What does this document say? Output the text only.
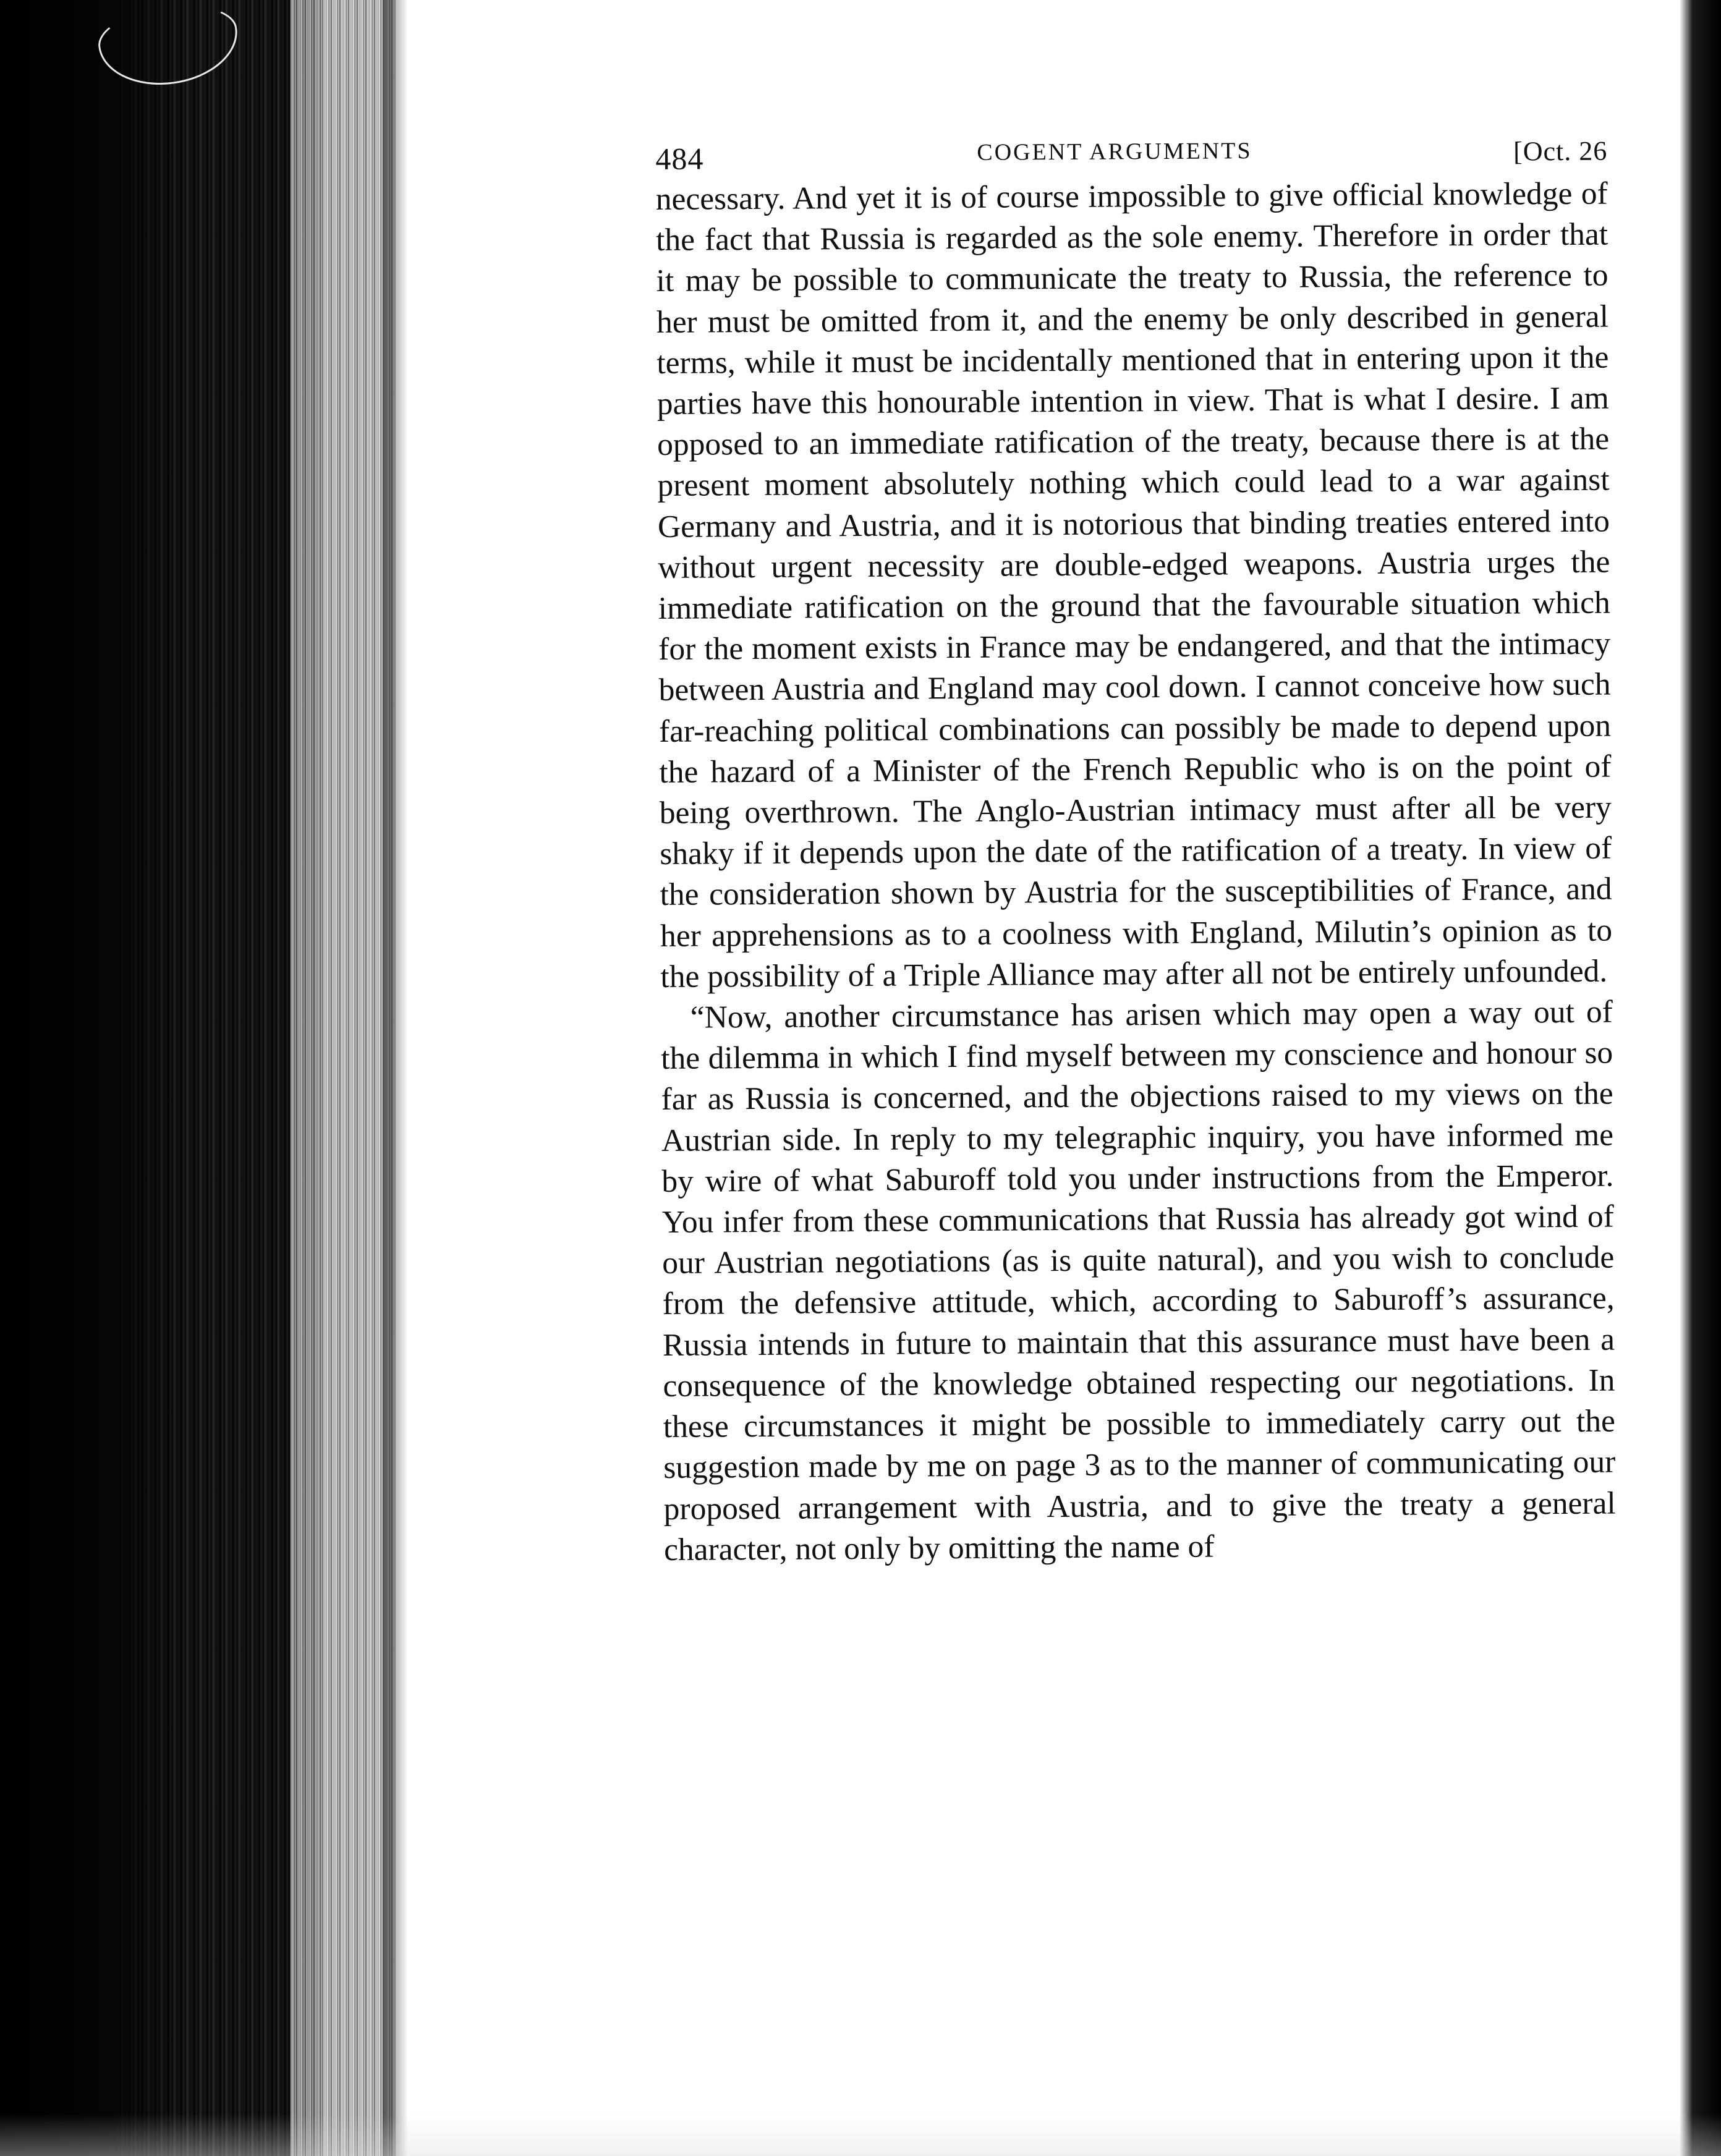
484	COGENT ARGUMENTS	[Oct. 26

necessary. And yet it is of course impossible to give official knowledge of the fact that Russia is regarded as the sole enemy. Therefore in order that it may be possible to communicate the treaty to Russia, the reference to her must be omitted from it, and the enemy be only described in general terms, while it must be incidentally mentioned that in entering upon it the parties have this honourable intention in view. That is what I desire. I am opposed to an immediate ratification of the treaty, because there is at the present moment absolutely nothing which could lead to a war against Germany and Austria, and it is notorious that binding treaties entered into without urgent necessity are double-edged weapons. Austria urges the immediate ratification on the ground that the favourable situation which for the moment exists in France may be endangered, and that the intimacy between Austria and England may cool down. I cannot conceive how such far-reaching political combinations can possibly be made to depend upon the hazard of a Minister of the French Republic who is on the point of being overthrown. The Anglo-Austrian intimacy must after all be very shaky if it depends upon the date of the ratification of a treaty. In view of the consideration shown by Austria for the susceptibilities of France, and her apprehensions as to a coolness with England, Milutin’s opinion as to the possibility of a Triple Alliance may after all not be entirely unfounded.

“Now, another circumstance has arisen which may open a way out of the dilemma in which I find myself between my conscience and honour so far as Russia is concerned, and the objections raised to my views on the Austrian side. In reply to my telegraphic inquiry, you have informed me by wire of what Saburoff told you under instructions from the Emperor. You infer from these communications that Russia has already got wind of our Austrian negotiations (as is quite natural), and you wish to conclude from the defensive attitude, which, according to Saburoff’s assurance, Russia intends in future to maintain that this assurance must have been a consequence of the knowledge obtained respecting our negotiations. In these circumstances it might be possible to immediately carry out the suggestion made by me on page 3 as to the manner of communicating our proposed arrangement with Austria, and to give the treaty a general character, not only by omitting the name of
